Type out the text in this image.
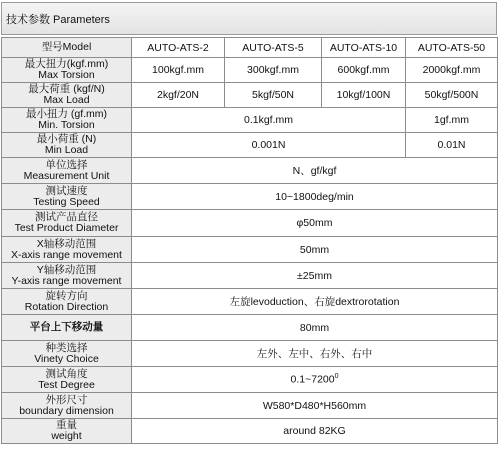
技术参数 Parameters
型号Model	AUTO-ATS-2	AUTO-ATS-5	AUTO-ATS-10	AUTO-ATS-50

最大扭力(kgf.mm)
Max Torsion	100kgf.mm	300kgf.mm	600kgf.mm	2000kgf.mm

最大荷重 (kgf/N)
Max Load	2kgf/20N	5kgf/50N	10kgf/100N	50kgf/500N

最小扭力 (gf.mm)
Min. Torsion	0.1kgf.mm			1gf.mm

最小荷重 (N)
Min Load	0.001N			0.01N

单位选择
Measurement Unit	N、gf/kgf			

测试速度
Testing Speed	10~1800deg/min			

测试产品直径
Test Product Diameter	φ50mm			

X轴移动范围
X-axis range movement	50mm			

Y轴移动范围
Y-axis range movement	±25mm			

旋转方向
Rotation Direction	左旋levoduction、右旋dextrorotation			

平台上下移动量	80mm			

种类选择
Vinety Choice	左外、左中、右外、右中			

测试角度
Test Degree	0.1~7200$^0$

外形尺寸
boundary dimension	W580*D480*H560mm			

重量
weight	around 82KG			
